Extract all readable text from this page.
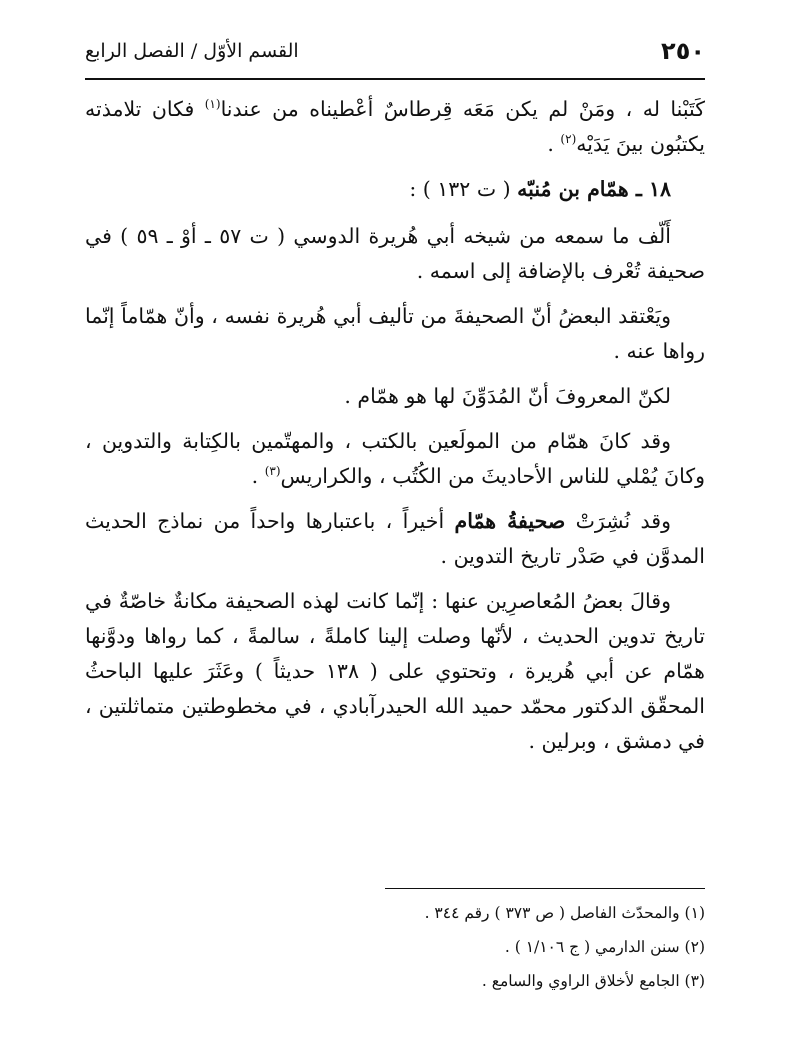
٢٥٠
القسم الأوّل / الفصل الرابع

كَتَبْنا له ، ومَنْ لم يكن مَعَه قِرطاسٌ أعْطيناه من عندنا$^{(١)}$ فكان تلامذته يكتبُون بينَ يَدَيْه$^{(٢)}$ .

١٨ ـ همّام بن مُنبّه ( ت ١٣٢ ) :

أَلّف ما سمعه من شيخه أبي هُريرة الدوسي ( ت ٥٧ ـ أوْ ـ ٥٩ ) في صحيفة تُعْرف بالإضافة إلى اسمه .

ويَعْتقد البعضُ أنّ الصحيفةَ من تأليف أبي هُريرة نفسه ، وأنّ همّاماً إنّما رواها عنه .

لكنّ المعروفَ أنّ المُدَوِّنَ لها هو همّام .

وقد كانَ همّام من المولَعين بالكتب ، والمهتّمين بالكِتابة والتدوين ، وكانَ يُمْلي للناس الأحاديثَ من الكُتُب ، والكراريس$^{(٣)}$ .

وقد نُشِرَتْ صحيفةُ همّام أخيراً ، باعتبارها واحداً من نماذج الحديث المدوَّن في صَدْر تاريخ التدوين .

وقالَ بعضُ المُعاصرِين عنها : إنّما كانت لهذه الصحيفة مكانةٌ خاصّةٌ في تاريخ تدوين الحديث ، لأنّها وصلت إلينا كاملةً ، سالمةً ، كما رواها ودوَّنها همّام عن أبي هُريرة ، وتحتوي على ( ١٣٨ حديثاً ) وعَثَرَ عليها الباحثُ المحقّق الدكتور محمّد حميد الله الحيدرآبادي ، في مخطوطتين متماثلتين ، في دمشق ، وبرلين .

(١) والمحدّث الفاصل ( ص ٣٧٣ ) رقم ٣٤٤ .

(٢) سنن الدارمي ( ج ١/١٠٦ ) .

(٣) الجامع لأخلاق الراوي والسامع .
